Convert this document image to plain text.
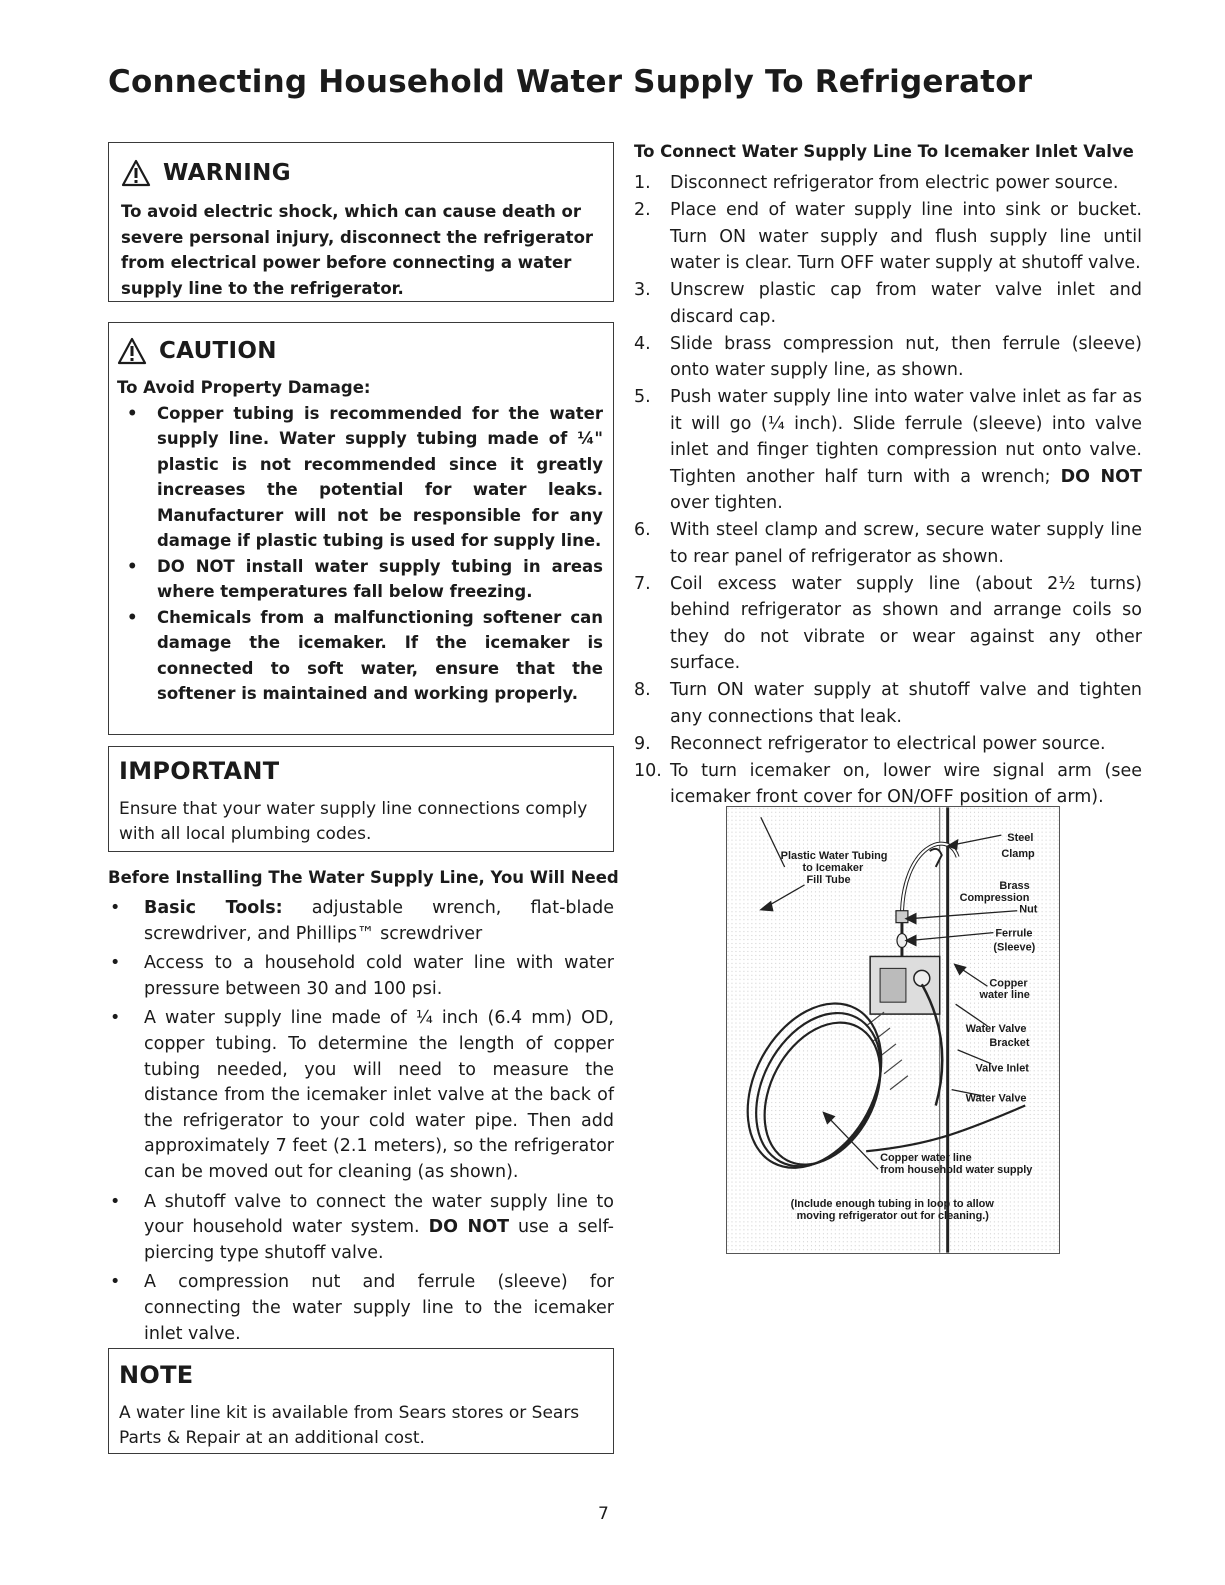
Connecting Household Water Supply To Refrigerator
WARNING
To avoid electric shock, which can cause death or severe personal injury, disconnect the refrigerator from electrical power before connecting a water supply line to the refrigerator.
CAUTION
To Avoid Property Damage:
• Copper tubing is recommended for the water supply line. Water supply tubing made of ¼" plastic is not recommended since it greatly increases the potential for water leaks. Manufacturer will not be responsible for any damage if plastic tubing is used for supply line.
• DO NOT install water supply tubing in areas where temperatures fall below freezing.
• Chemicals from a malfunctioning softener can damage the icemaker. If the icemaker is connected to soft water, ensure that the softener is maintained and working properly.
IMPORTANT
Ensure that your water supply line connections comply with all local plumbing codes.
Before Installing The Water Supply Line, You Will Need
• Basic Tools: adjustable wrench, flat-blade screwdriver, and Phillips™ screwdriver
• Access to a household cold water line with water pressure between 30 and 100 psi.
• A water supply line made of ¼ inch (6.4 mm) OD, copper tubing. To determine the length of copper tubing needed, you will need to measure the distance from the icemaker inlet valve at the back of the refrigerator to your cold water pipe. Then add approximately 7 feet (2.1 meters), so the refrigerator can be moved out for cleaning (as shown).
• A shutoff valve to connect the water supply line to your household water system. DO NOT use a self-piercing type shutoff valve.
• A compression nut and ferrule (sleeve) for connecting the water supply line to the icemaker inlet valve.
NOTE
A water line kit is available from Sears stores or Sears Parts & Repair at an additional cost.
To Connect Water Supply Line To Icemaker Inlet Valve
1. Disconnect refrigerator from electric power source.
2. Place end of water supply line into sink or bucket. Turn ON water supply and flush supply line until water is clear. Turn OFF water supply at shutoff valve.
3. Unscrew plastic cap from water valve inlet and discard cap.
4. Slide brass compression nut, then ferrule (sleeve) onto water supply line, as shown.
5. Push water supply line into water valve inlet as far as it will go (¼ inch). Slide ferrule (sleeve) into valve inlet and finger tighten compression nut onto valve. Tighten another half turn with a wrench; DO NOT over tighten.
6. With steel clamp and screw, secure water supply line to rear panel of refrigerator as shown.
7. Coil excess water supply line (about 2½ turns) behind refrigerator as shown and arrange coils so they do not vibrate or wear against any other surface.
8. Turn ON water supply at shutoff valve and tighten any connections that leak.
9. Reconnect refrigerator to electrical power source.
10. To turn icemaker on, lower wire signal arm (see icemaker front cover for ON/OFF position of arm).
Plastic Water Tubing
to Icemaker
Fill Tube
Steel
Clamp
Brass
Compression
Nut
Ferrule
(Sleeve)
Copper
water line
Water Valve
Bracket
Valve Inlet
Water Valve
Copper water line
from household water supply
(Include enough tubing in loop to allow
moving refrigerator out for cleaning.)
7
